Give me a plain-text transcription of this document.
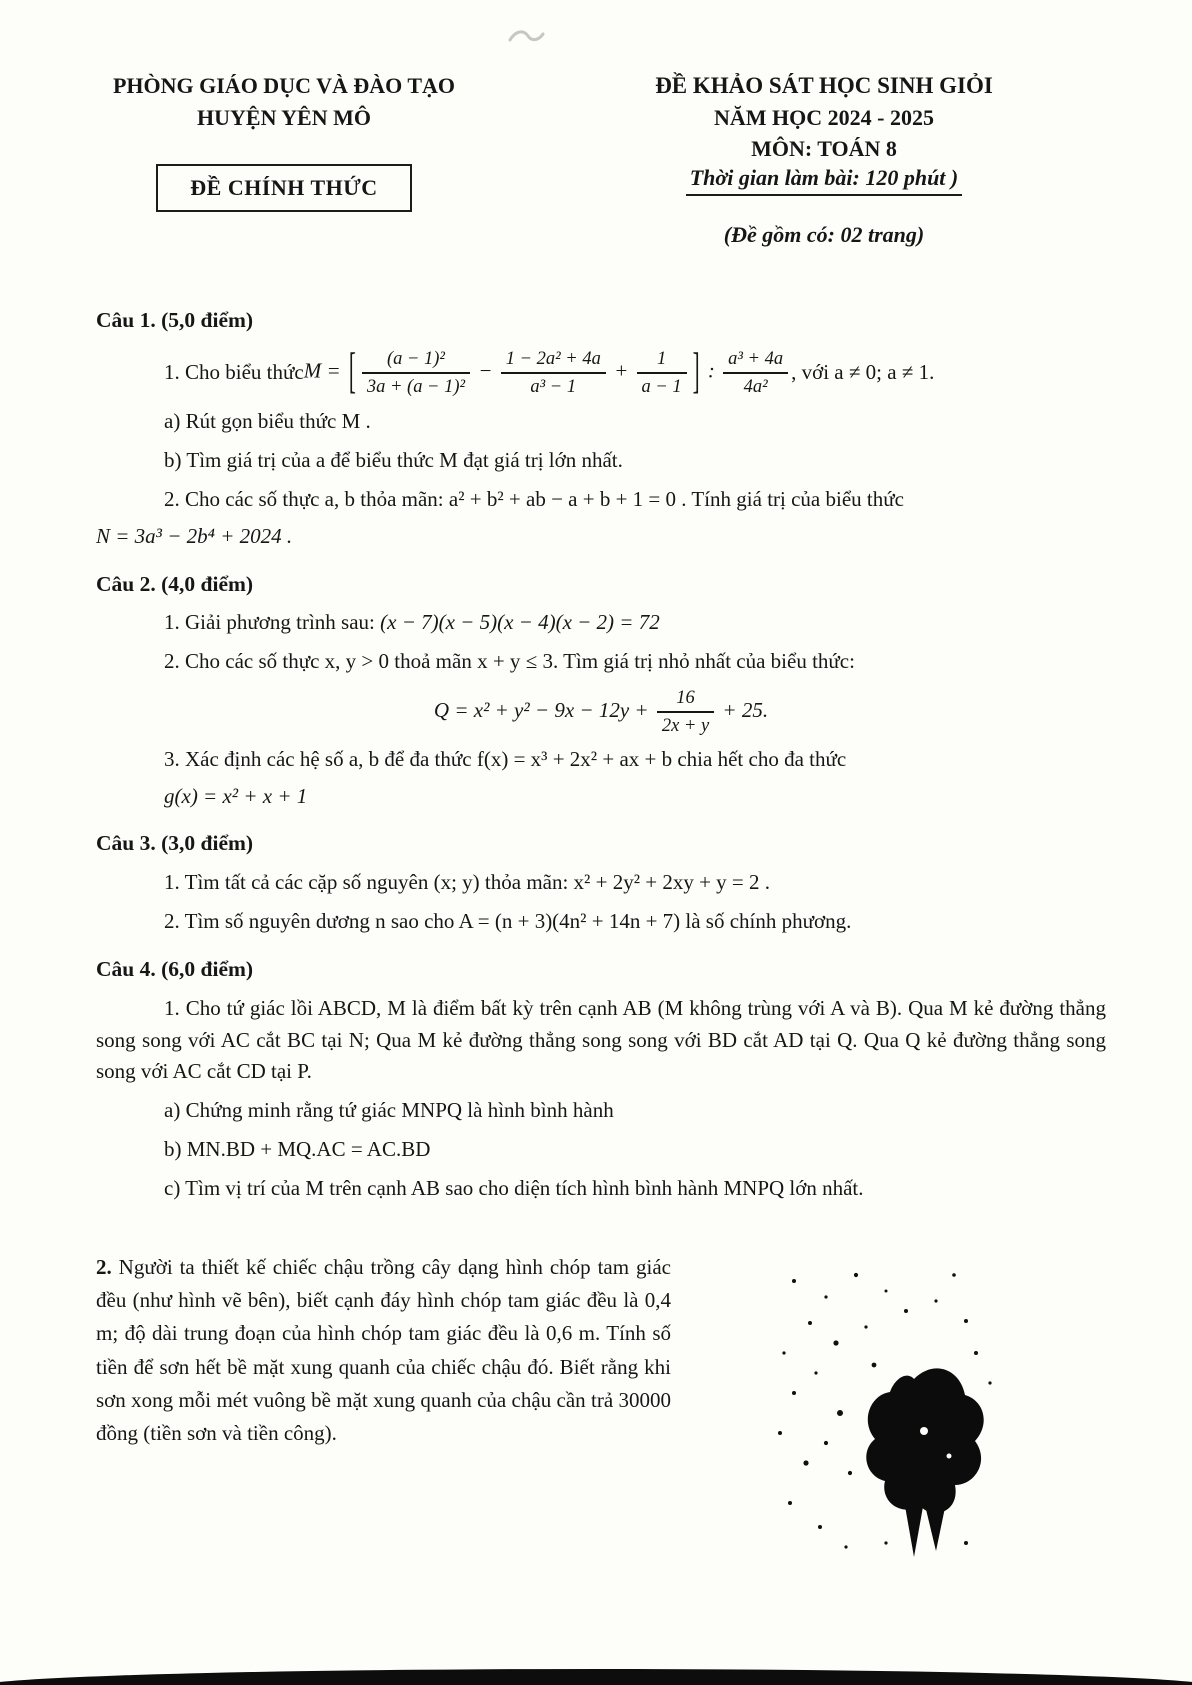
PHÒNG GIÁO DỤC VÀ ĐÀO TẠO
HUYỆN YÊN MÔ
ĐỀ CHÍNH THỨC
ĐỀ KHẢO SÁT HỌC SINH GIỎI
NĂM HỌC 2024 - 2025
MÔN: TOÁN 8
Thời gian làm bài: 120 phút )
(Đề gồm có: 02 trang)
Câu 1. (5,0 điểm)
1. Cho biểu thức M = [ $\frac{\text{(a − 1)²}}{\text{3a + (a − 1)²}} - \frac{\text{1 − 2a² + 4a}}{\text{a³ − 1}} + \frac{1}{a - 1}$ ] : $\frac{\text{a³ + 4a}}{\text{4a²}}$ , với a ≠ 0; a ≠ 1.
a) Rút gọn biểu thức M .
b) Tìm giá trị của a để biểu thức M đạt giá trị lớn nhất.
2. Cho các số thực a, b thỏa mãn: a² + b² + ab − a + b + 1 = 0 . Tính giá trị của biểu thức
N = 3a³ − 2b⁴ + 2024 .
Câu 2. (4,0 điểm)
1. Giải phương trình sau: (x − 7)(x − 5)(x − 4)(x − 2) = 72
2. Cho các số thực x, y > 0 thoả mãn x + y ≤ 3. Tìm giá trị nhỏ nhất của biểu thức:
$Q = x^2 + y^2 - 9x - 12y + \frac{16}{2x + y} + 25$.
3. Xác định các hệ số a, b để đa thức f(x) = x³ + 2x² + ax + b chia hết cho đa thức
g(x) = x² + x + 1
Câu 3. (3,0 điểm)
1. Tìm tất cả các cặp số nguyên (x; y) thỏa mãn: x² + 2y² + 2xy + y = 2 .
2. Tìm số nguyên dương n sao cho A = (n + 3)(4n² + 14n + 7) là số chính phương.
Câu 4. (6,0 điểm)
1. Cho tứ giác lồi ABCD, M là điểm bất kỳ trên cạnh AB (M không trùng với A và B). Qua M kẻ đường thẳng song song với AC cắt BC tại N; Qua M kẻ đường thẳng song song với BD cắt AD tại Q. Qua Q kẻ đường thẳng song song với AC cắt CD tại P.
a) Chứng minh rằng tứ giác MNPQ là hình bình hành
b) MN.BD + MQ.AC = AC.BD
c) Tìm vị trí của M trên cạnh AB sao cho diện tích hình bình hành MNPQ lớn nhất.
2. Người ta thiết kế chiếc chậu trồng cây dạng hình chóp tam giác đều (như hình vẽ bên), biết cạnh đáy hình chóp tam giác đều là 0,4 m; độ dài trung đoạn của hình chóp tam giác đều là 0,6 m. Tính số tiền để sơn hết bề mặt xung quanh của chiếc chậu đó. Biết rằng khi sơn xong mỗi mét vuông bề mặt xung quanh của chậu cần trả 30000 đồng (tiền sơn và tiền công).
